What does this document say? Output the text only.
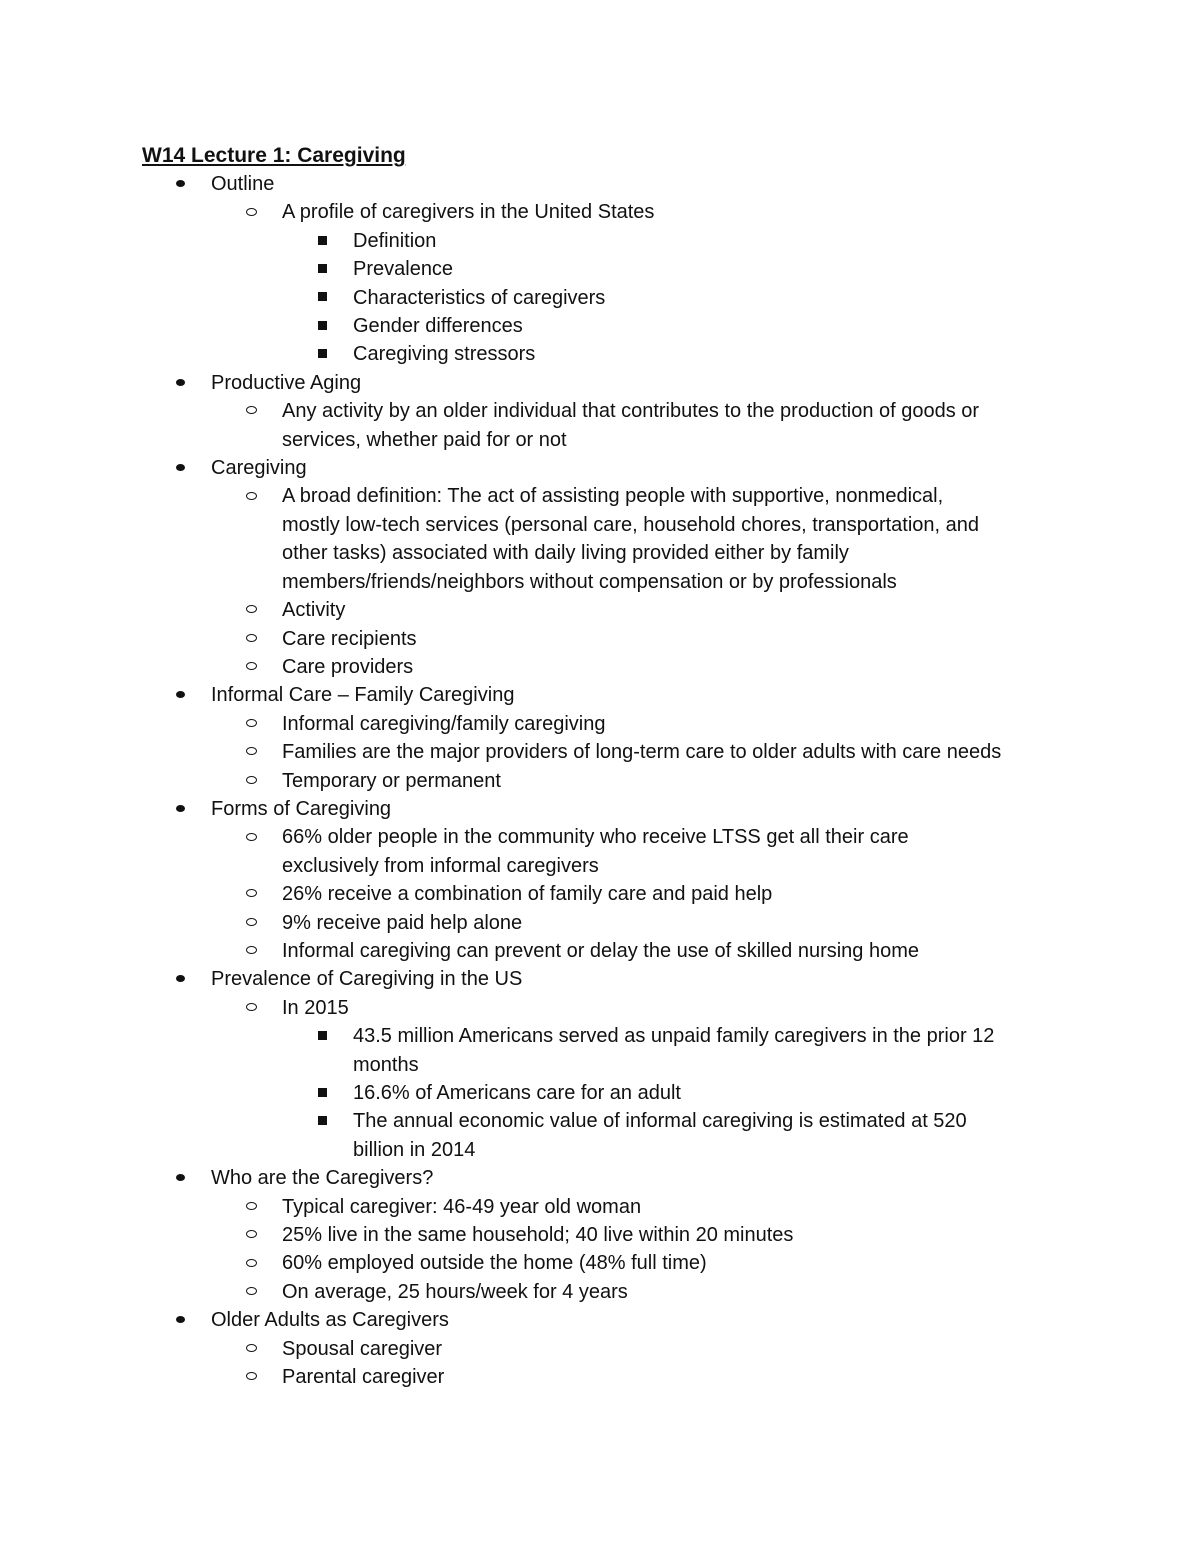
W14 Lecture 1: Caregiving
Outline
A profile of caregivers in the United States
Definition
Prevalence
Characteristics of caregivers
Gender differences
Caregiving stressors
Productive Aging
Any activity by an older individual that contributes to the production of goods or
services, whether paid for or not
Caregiving
A broad definition: The act of assisting people with supportive, nonmedical,
mostly low-tech services (personal care, household chores, transportation, and
other tasks) associated with daily living provided either by family
members/friends/neighbors without compensation or by professionals
Activity
Care recipients
Care providers
Informal Care – Family Caregiving
Informal caregiving/family caregiving
Families are the major providers of long-term care to older adults with care needs
Temporary or permanent
Forms of Caregiving
66% older people in the community who receive LTSS get all their care
exclusively from informal caregivers
26% receive a combination of family care and paid help
9% receive paid help alone
Informal caregiving can prevent or delay the use of skilled nursing home
Prevalence of Caregiving in the US
In 2015
43.5 million Americans served as unpaid family caregivers in the prior 12
months
16.6% of Americans care for an adult
The annual economic value of informal caregiving is estimated at 520
billion in 2014
Who are the Caregivers?
Typical caregiver: 46-49 year old woman
25% live in the same household; 40 live within 20 minutes
60% employed outside the home (48% full time)
On average, 25 hours/week for 4 years
Older Adults as Caregivers
Spousal caregiver
Parental caregiver
